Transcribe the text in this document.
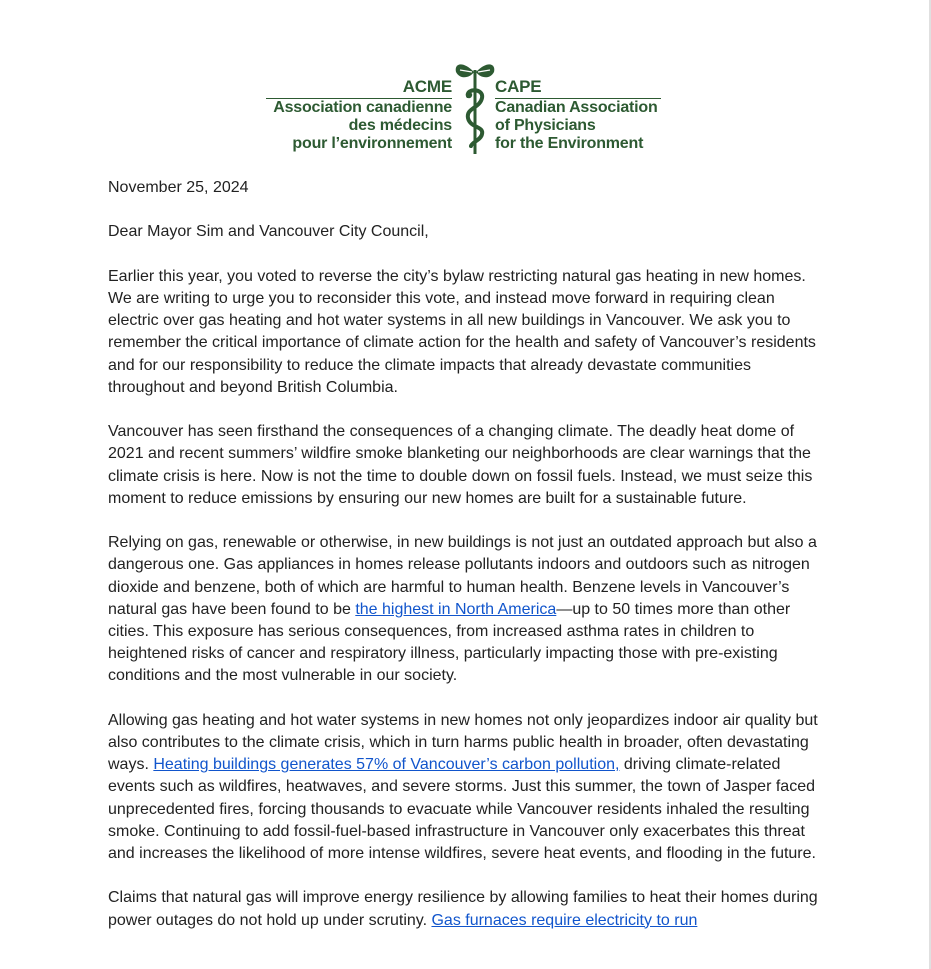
ACME
Association canadienne
des médecins
pour l’environnement
CAPE
Canadian Association
of Physicians
for the Environment

November 25, 2024

Dear Mayor Sim and Vancouver City Council,

Earlier this year, you voted to reverse the city’s bylaw restricting natural gas heating in new homes. We are writing to urge you to reconsider this vote, and instead move forward in requiring clean electric over gas heating and hot water systems in all new buildings in Vancouver. We ask you to remember the critical importance of climate action for the health and safety of Vancouver’s residents and for our responsibility to reduce the climate impacts that already devastate communities throughout and beyond British Columbia.

Vancouver has seen firsthand the consequences of a changing climate. The deadly heat dome of 2021 and recent summers’ wildfire smoke blanketing our neighborhoods are clear warnings that the climate crisis is here. Now is not the time to double down on fossil fuels. Instead, we must seize this moment to reduce emissions by ensuring our new homes are built for a sustainable future.

Relying on gas, renewable or otherwise, in new buildings is not just an outdated approach but also a dangerous one. Gas appliances in homes release pollutants indoors and outdoors such as nitrogen dioxide and benzene, both of which are harmful to human health. Benzene levels in Vancouver’s natural gas have been found to be the highest in North America—up to 50 times more than other cities. This exposure has serious consequences, from increased asthma rates in children to heightened risks of cancer and respiratory illness, particularly impacting those with pre-existing conditions and the most vulnerable in our society.

Allowing gas heating and hot water systems in new homes not only jeopardizes indoor air quality but also contributes to the climate crisis, which in turn harms public health in broader, often devastating ways. Heating buildings generates 57% of Vancouver’s carbon pollution, driving climate-related events such as wildfires, heatwaves, and severe storms. Just this summer, the town of Jasper faced unprecedented fires, forcing thousands to evacuate while Vancouver residents inhaled the resulting smoke. Continuing to add fossil-fuel-based infrastructure in Vancouver only exacerbates this threat and increases the likelihood of more intense wildfires, severe heat events, and flooding in the future.

Claims that natural gas will improve energy resilience by allowing families to heat their homes during power outages do not hold up under scrutiny. Gas furnaces require electricity to run
